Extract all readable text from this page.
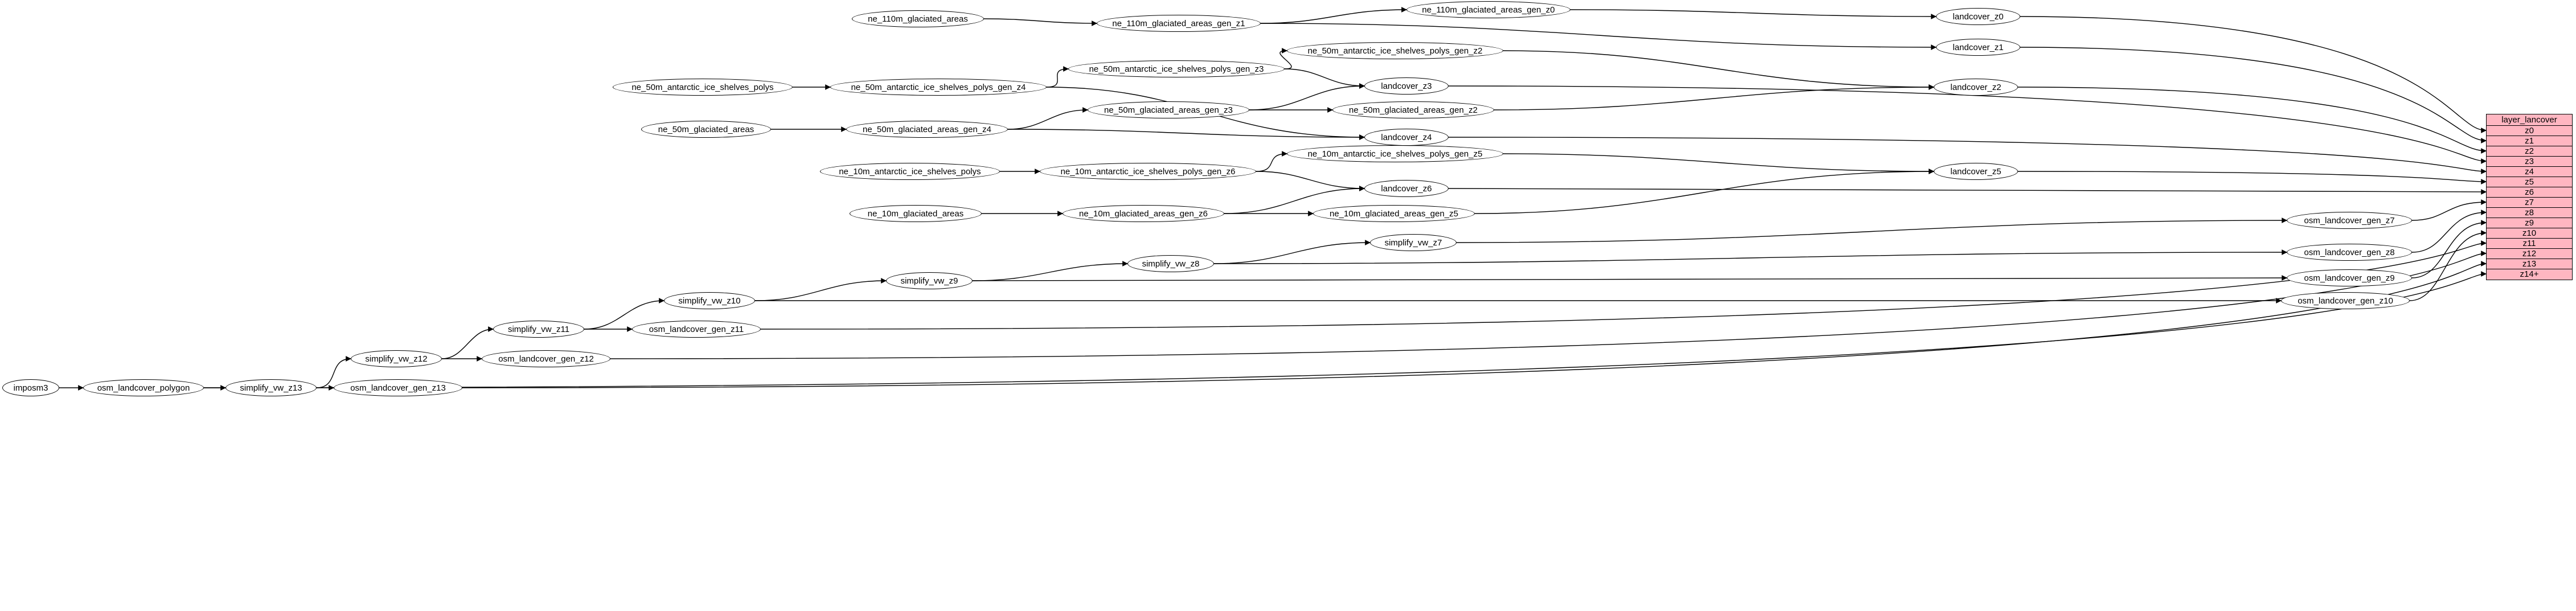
imposm3	osm_landcover_polygon	simplify_vw_z13	osm_landcover_gen_z13
simplify_vw_z12	osm_landcover_gen_z12
simplify_vw_z11	osm_landcover_gen_z11
simplify_vw_z10	osm_landcover_gen_z10
simplify_vw_z9	osm_landcover_gen_z9
simplify_vw_z8
osm_landcover_gen_z8
simplify_vw_z7
osm_landcover_gen_z7
ne_110m_glaciated_areas	ne_110m_glaciated_areas_gen_z1
ne_110m_glaciated_areas_gen_z0
landcover_z0
landcover_z1
ne_50m_antarctic_ice_shelves_polys	ne_50m_antarctic_ice_shelves_polys_gen_z4
ne_50m_antarctic_ice_shelves_polys_gen_z3
ne_50m_antarctic_ice_shelves_polys_gen_z2
landcover_z3	landcover_z2
ne_50m_glaciated_areas	ne_50m_glaciated_areas_gen_z4
ne_50m_glaciated_areas_gen_z3	ne_50m_glaciated_areas_gen_z2
landcover_z4
ne_10m_antarctic_ice_shelves_polys	ne_10m_antarctic_ice_shelves_polys_gen_z6
ne_10m_antarctic_ice_shelves_polys_gen_z5
landcover_z6
landcover_z5
ne_10m_glaciated_areas	ne_10m_glaciated_areas_gen_z6	ne_10m_glaciated_areas_gen_z5
layer_lancover
z0
z1
z2
z3
z4
z5
z6
z7
z8
z9
z10
z11
z12
z13
z14+
